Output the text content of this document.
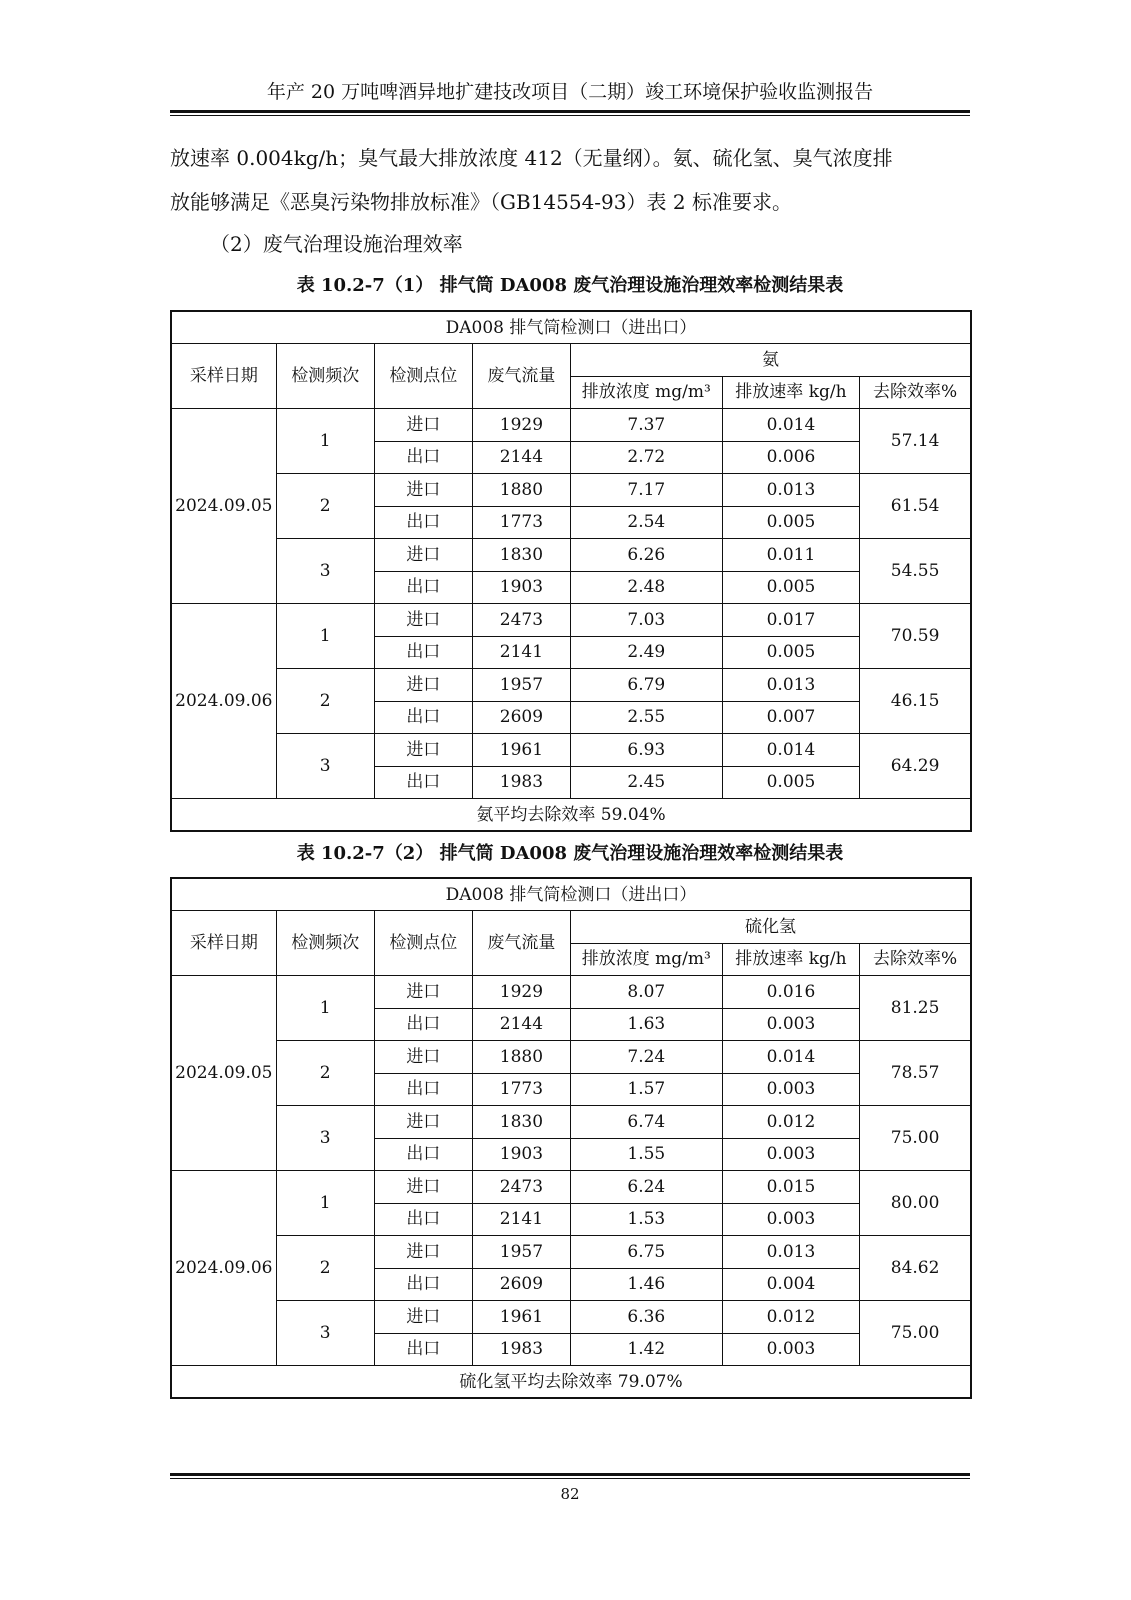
年产 20 万吨啤酒异地扩建技改项目（二期）竣工环境保护验收监测报告
放速率 0.004kg/h；臭气最大排放浓度 412（无量纲）。氨、硫化氢、臭气浓度排
放能够满足《恶臭污染物排放标准》（GB14554-93）表 2 标准要求。
（2）废气治理设施治理效率
表 10.2-7（1） 排气筒 DA008 废气治理设施治理效率检测结果表
DA008 排气筒检测口（进出口）						
采样日期	检测频次	检测点位	废气流量	氨		
				排放浓度 mg/m³	排放速率 kg/h	去除效率%
2024.09.05	1	进口	1929	7.37	0.014	57.14
		出口	2144	2.72	0.006	
	2	进口	1880	7.17	0.013	61.54
		出口	1773	2.54	0.005	
	3	进口	1830	6.26	0.011	54.55
		出口	1903	2.48	0.005	
2024.09.06	1	进口	2473	7.03	0.017	70.59
		出口	2141	2.49	0.005	
	2	进口	1957	6.79	0.013	46.15
		出口	2609	2.55	0.007	
	3	进口	1961	6.93	0.014	64.29
		出口	1983	2.45	0.005	
氨平均去除效率 59.04%						
表 10.2-7（2） 排气筒 DA008 废气治理设施治理效率检测结果表
DA008 排气筒检测口（进出口）						
采样日期	检测频次	检测点位	废气流量	硫化氢		
				排放浓度 mg/m³	排放速率 kg/h	去除效率%
2024.09.05	1	进口	1929	8.07	0.016	81.25
		出口	2144	1.63	0.003	
	2	进口	1880	7.24	0.014	78.57
		出口	1773	1.57	0.003	
	3	进口	1830	6.74	0.012	75.00
		出口	1903	1.55	0.003	
2024.09.06	1	进口	2473	6.24	0.015	80.00
		出口	2141	1.53	0.003	
	2	进口	1957	6.75	0.013	84.62
		出口	2609	1.46	0.004	
	3	进口	1961	6.36	0.012	75.00
		出口	1983	1.42	0.003	
硫化氢平均去除效率 79.07%						
82
